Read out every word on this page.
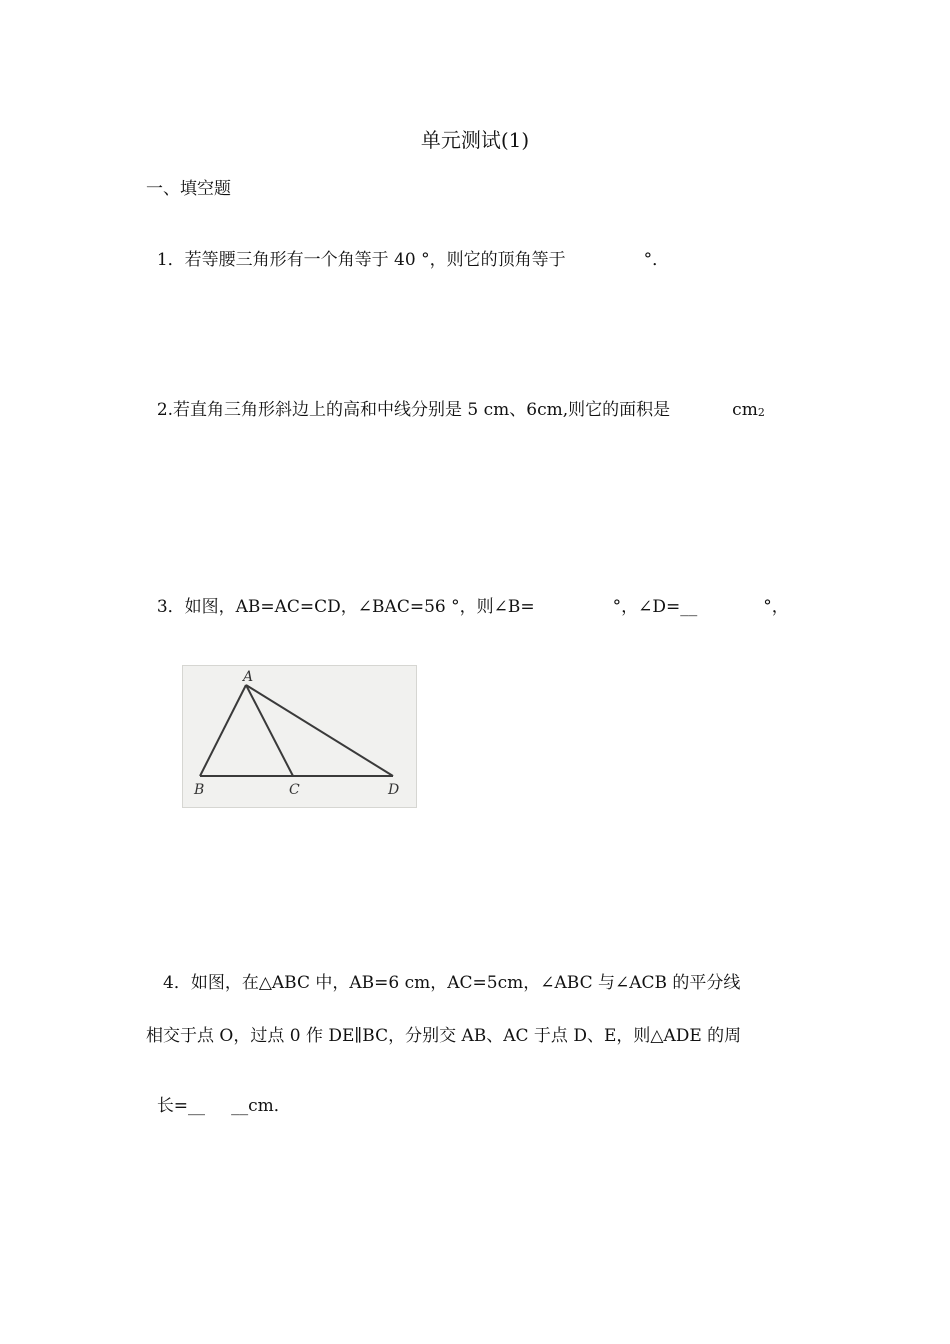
单元测试(1)
一、填空题

1．若等腰三角形有一个角等于 40 °，则它的顶角等于	°．

2.若直角三角形斜边上的高和中线分别是 5 cm、6cm,则它的面积是	cm2

3．如图，AB=AC=CD，∠BAC=56 °，则∠B=	°，∠D=__	°，

A
B	C	D
4．如图，在△ABC 中，AB=6 cm，AC=5cm，∠ABC 与∠ACB 的平分线
相交于点 O，过点 0 作 DE∥BC，分别交 AB、AC 于点 D、E，则△ADE 的周

长=__ __cm．
